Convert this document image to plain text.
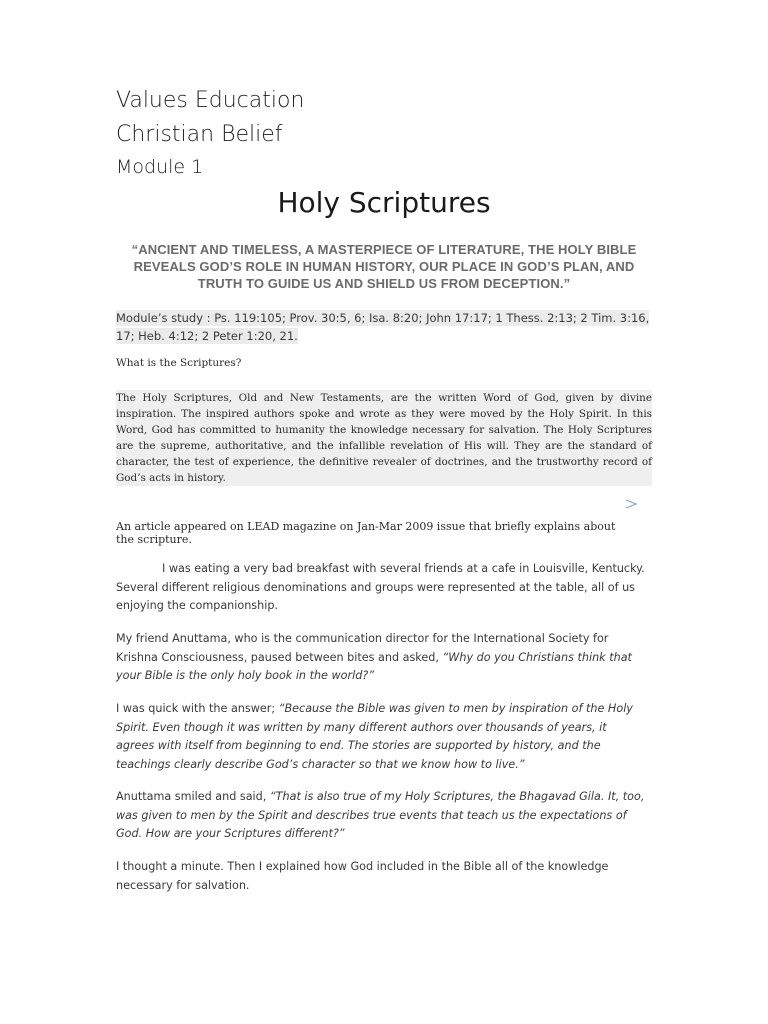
Values Education

Christian Belief

Module 1

Holy Scriptures

“ANCIENT AND TIMELESS, A MASTERPIECE OF LITERATURE, THE HOLY BIBLE REVEALS GOD’S ROLE IN HUMAN HISTORY, OUR PLACE IN GOD’S PLAN, AND TRUTH TO GUIDE US AND SHIELD US FROM DECEPTION.”

Module’s study : Ps. 119:105; Prov. 30:5, 6; Isa. 8:20; John 17:17; 1 Thess. 2:13; 2 Tim. 3:16, 17; Heb. 4:12; 2 Peter 1:20, 21.

What is the Scriptures?

The Holy Scriptures, Old and New Testaments, are the written Word of God, given by divine inspiration. The inspired authors spoke and wrote as they were moved by the Holy Spirit. In this Word, God has committed to humanity the knowledge necessary for salvation. The Holy Scriptures are the supreme, authoritative, and the infallible revelation of His will. They are the standard of character, the test of experience, the definitive revealer of doctrines, and the trustworthy record of God’s acts in history.

An article appeared on LEAD magazine on Jan-Mar 2009 issue that briefly explains about the scripture.

I was eating a very bad breakfast with several friends at a cafe in Louisville, Kentucky. Several different religious denominations and groups were represented at the table, all of us enjoying the companionship.

My friend Anuttama, who is the communication director for the International Society for Krishna Consciousness, paused between bites and asked, “Why do you Christians think that your Bible is the only holy book in the world?”

I was quick with the answer; “Because the Bible was given to men by inspiration of the Holy Spirit. Even though it was written by many different authors over thousands of years, it agrees with itself from beginning to end. The stories are supported by history, and the teachings clearly describe God’s character so that we know how to live.”

Anuttama smiled and said, “That is also true of my Holy Scriptures, the Bhagavad Gila. It, too, was given to men by the Spirit and describes true events that teach us the expectations of God. How are your Scriptures different?”

I thought a minute. Then I explained how God included in the Bible all of the knowledge necessary for salvation.
